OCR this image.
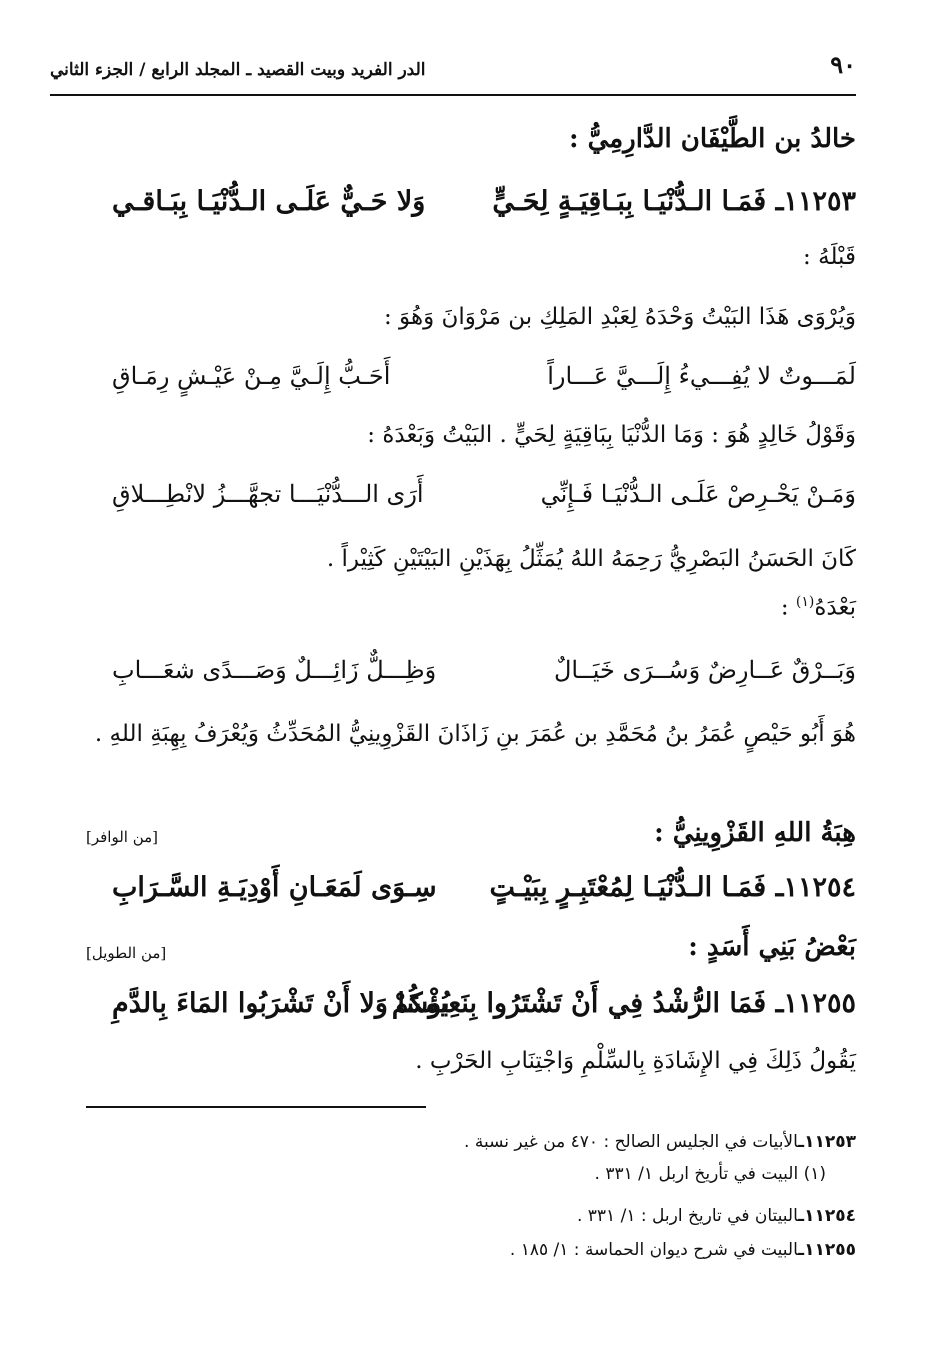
٩٠
الدر الفريد وبيت القصيد ـ المجلد الرابع / الجزء الثاني
خالدُ بن الطَّيْفَان الدَّارِمِيُّ :
١١٢٥٣ـ فَمَـا الـدُّنْيَـا بِبَـاقِيَـةٍ لِحَـيٍّ
وَلا حَـيٌّ عَلَـى الـدُّنْيَـا بِبَـاقـي
قَبْلَهُ :
وَيُرْوَى هَذَا البَيْتُ وَحْدَهُ لِعَبْدِ المَلِكِ بن مَرْوَانَ وَهُوَ :
لَمَـــوتٌ لا يُفِـــيءُ إِلَـــيَّ عَـــاراً
أَحَـبُّ إِلَـيَّ مِـنْ عَيْـشٍ رِمَـاقِ
وَقَوْلُ خَالِدٍ هُوَ : وَمَا الدُّنْيَا بِبَاقِيَةٍ لِحَيٍّ . البَيْتُ وَبَعْدَهُ :
وَمَـنْ يَحْـرِصْ عَلَـى الـدُّنْيَـا فَـإِنِّي
أَرَى الـــدُّنْيَـــا تجهَّـــزُ لانْطِـــلاقِ
كَانَ الحَسَنُ البَصْرِيُّ رَحِمَهُ اللهُ يُمَثِّلُ بِهَذَيْنِ البَيْتَيْنِ كَثِيْراً .
بَعْدَهُ$^{(١)}$ :
وَبَــرْقٌ عَــارِضٌ وَسُــرَى خَيَــالٌ
وَظِـــلٌّ زَائِـــلٌ وَصَـــدًى شعَـــابِ
هُوَ أَبُو حَيْصٍ عُمَرُ بنُ مُحَمَّدِ بن عُمَرَ بنِ زَاذَانَ القَزْوِينِيُّ المُحَدِّثُ وَيُعْرَفُ بِهِبَةِ اللهِ .
هِبَةُ اللهِ القَزْوِينِيُّ :
[من الوافر]
١١٢٥٤ـ فَمَـا الـدُّنْيَـا لِمُعْتَبِـرٍ بِبَيْـتٍ
سِـوَى لَمَعَـانِ أَوْدِيَـةِ السَّـرَابِ
بَعْضُ بَنِي أَسَدٍ :
[من الطويل]
١١٢٥٥ـ فَمَا الرُّشْدُ فِي أَنْ تَشْتَرُوا بِنَعِيمِكُمْ
بُؤْسًا وَلا أَنْ تَشْرَبُوا المَاءَ بِالدَّمِ
يَقُولُ ذَلِكَ فِي الإِشَادَةِ بِالسِّلْمِ وَاجْتِنَابِ الحَرْبِ .
١١٢٥٣ـالأبيات في الجليس الصالح : ٤٧٠ من غير نسبة .
(١) البيت في تأريخ اربل ١/ ٣٣١ .
١١٢٥٤ـالبيتان في تاريخ اربل : ١/ ٣٣١ .
١١٢٥٥ـالبيت في شرح ديوان الحماسة : ١/ ١٨٥ .
